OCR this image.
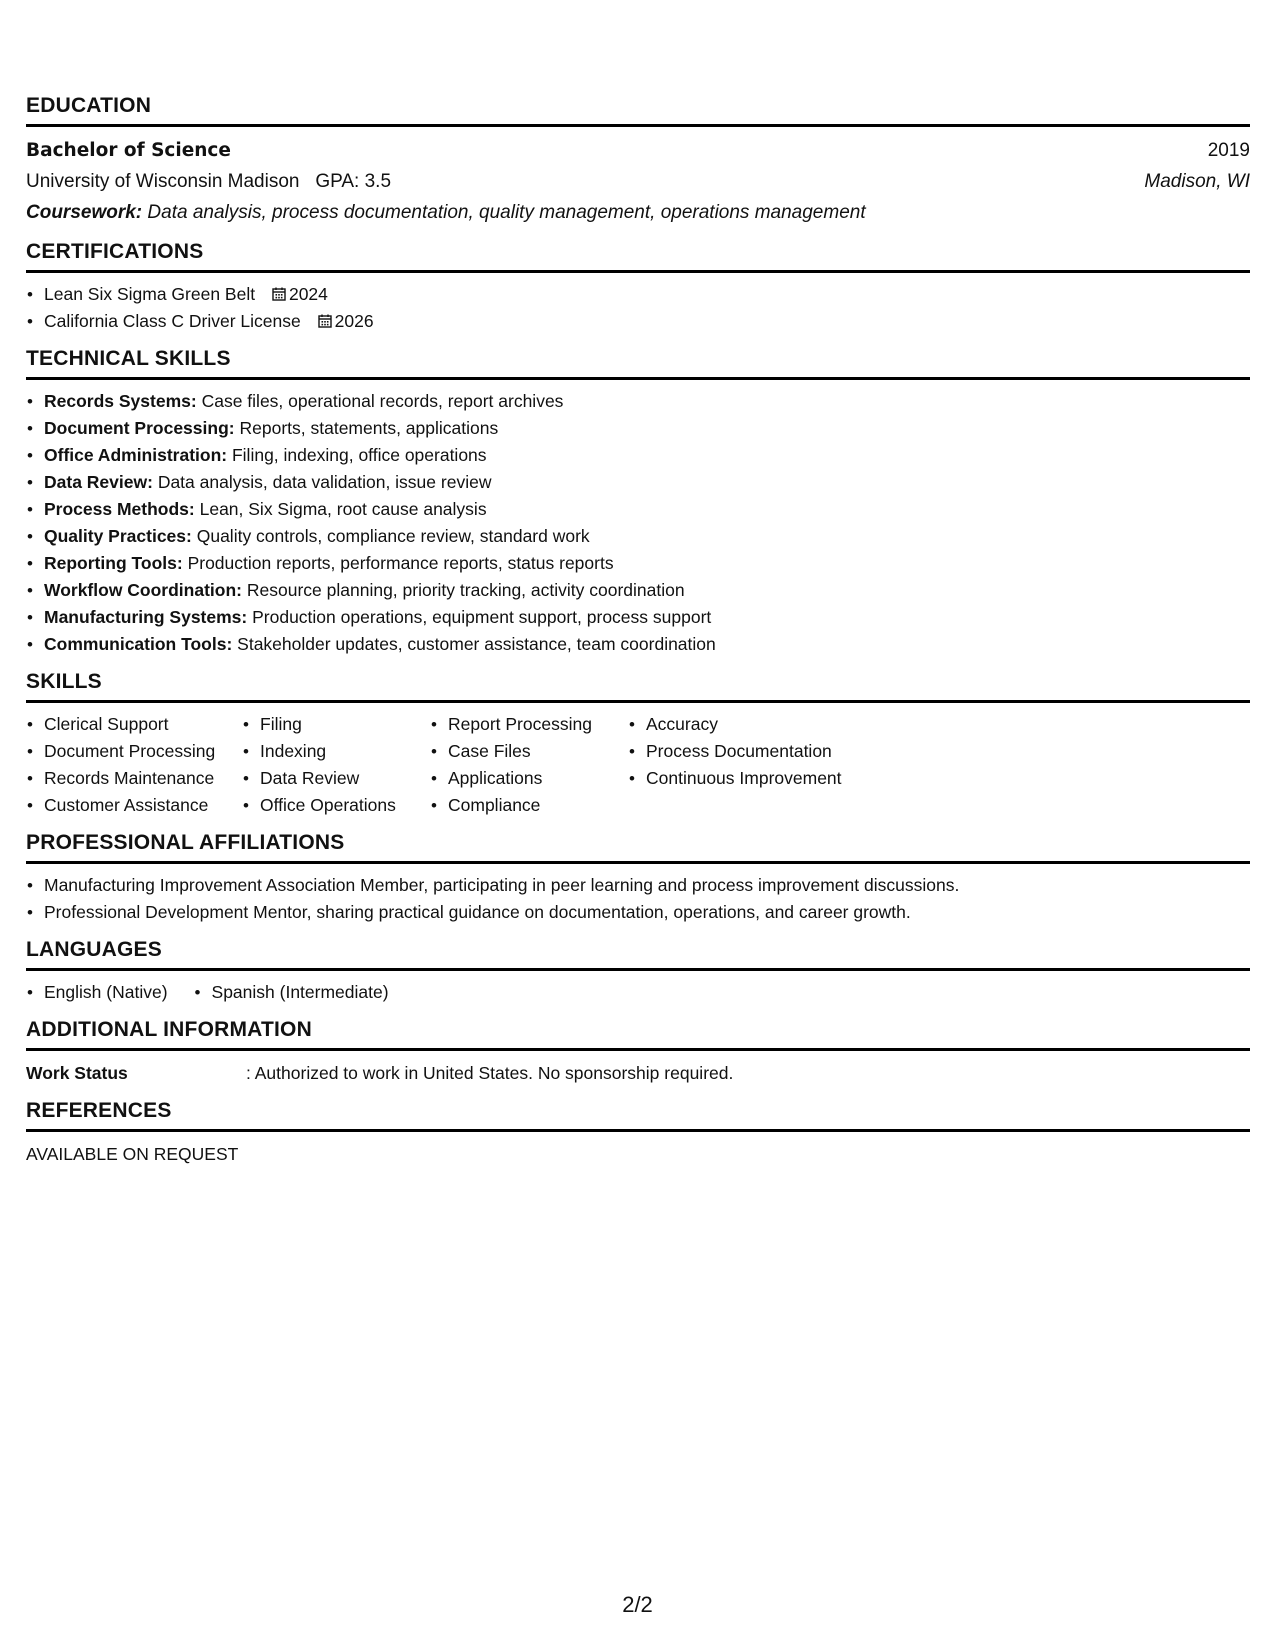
EDUCATION
Bachelor of Science	2019
University of Wisconsin Madison GPA: 3.5	Madison, WI
Coursework: Data analysis, process documentation, quality management, operations management
CERTIFICATIONS
• Lean Six Sigma Green Belt 2024
• California Class C Driver License 2026
TECHNICAL SKILLS
• Records Systems: Case files, operational records, report archives
• Document Processing: Reports, statements, applications
• Office Administration: Filing, indexing, office operations
• Data Review: Data analysis, data validation, issue review
• Process Methods: Lean, Six Sigma, root cause analysis
• Quality Practices: Quality controls, compliance review, standard work
• Reporting Tools: Production reports, performance reports, status reports
• Workflow Coordination: Resource planning, priority tracking, activity coordination
• Manufacturing Systems: Production operations, equipment support, process support
• Communication Tools: Stakeholder updates, customer assistance, team coordination
SKILLS
• Clerical Support
• Document Processing
• Records Maintenance
• Customer Assistance
• Filing
• Indexing
• Data Review
• Office Operations
• Report Processing
• Case Files
• Applications
• Compliance
• Accuracy
• Process Documentation
• Continuous Improvement
PROFESSIONAL AFFILIATIONS
• Manufacturing Improvement Association Member, participating in peer learning and process improvement discussions.
• Professional Development Mentor, sharing practical guidance on documentation, operations, and career growth.
LANGUAGES
• English (Native)
•	Spanish (Intermediate)
ADDITIONAL INFORMATION
Work Status	: Authorized to work in United States. No sponsorship required.
REFERENCES
AVAILABLE ON REQUEST
2/2
